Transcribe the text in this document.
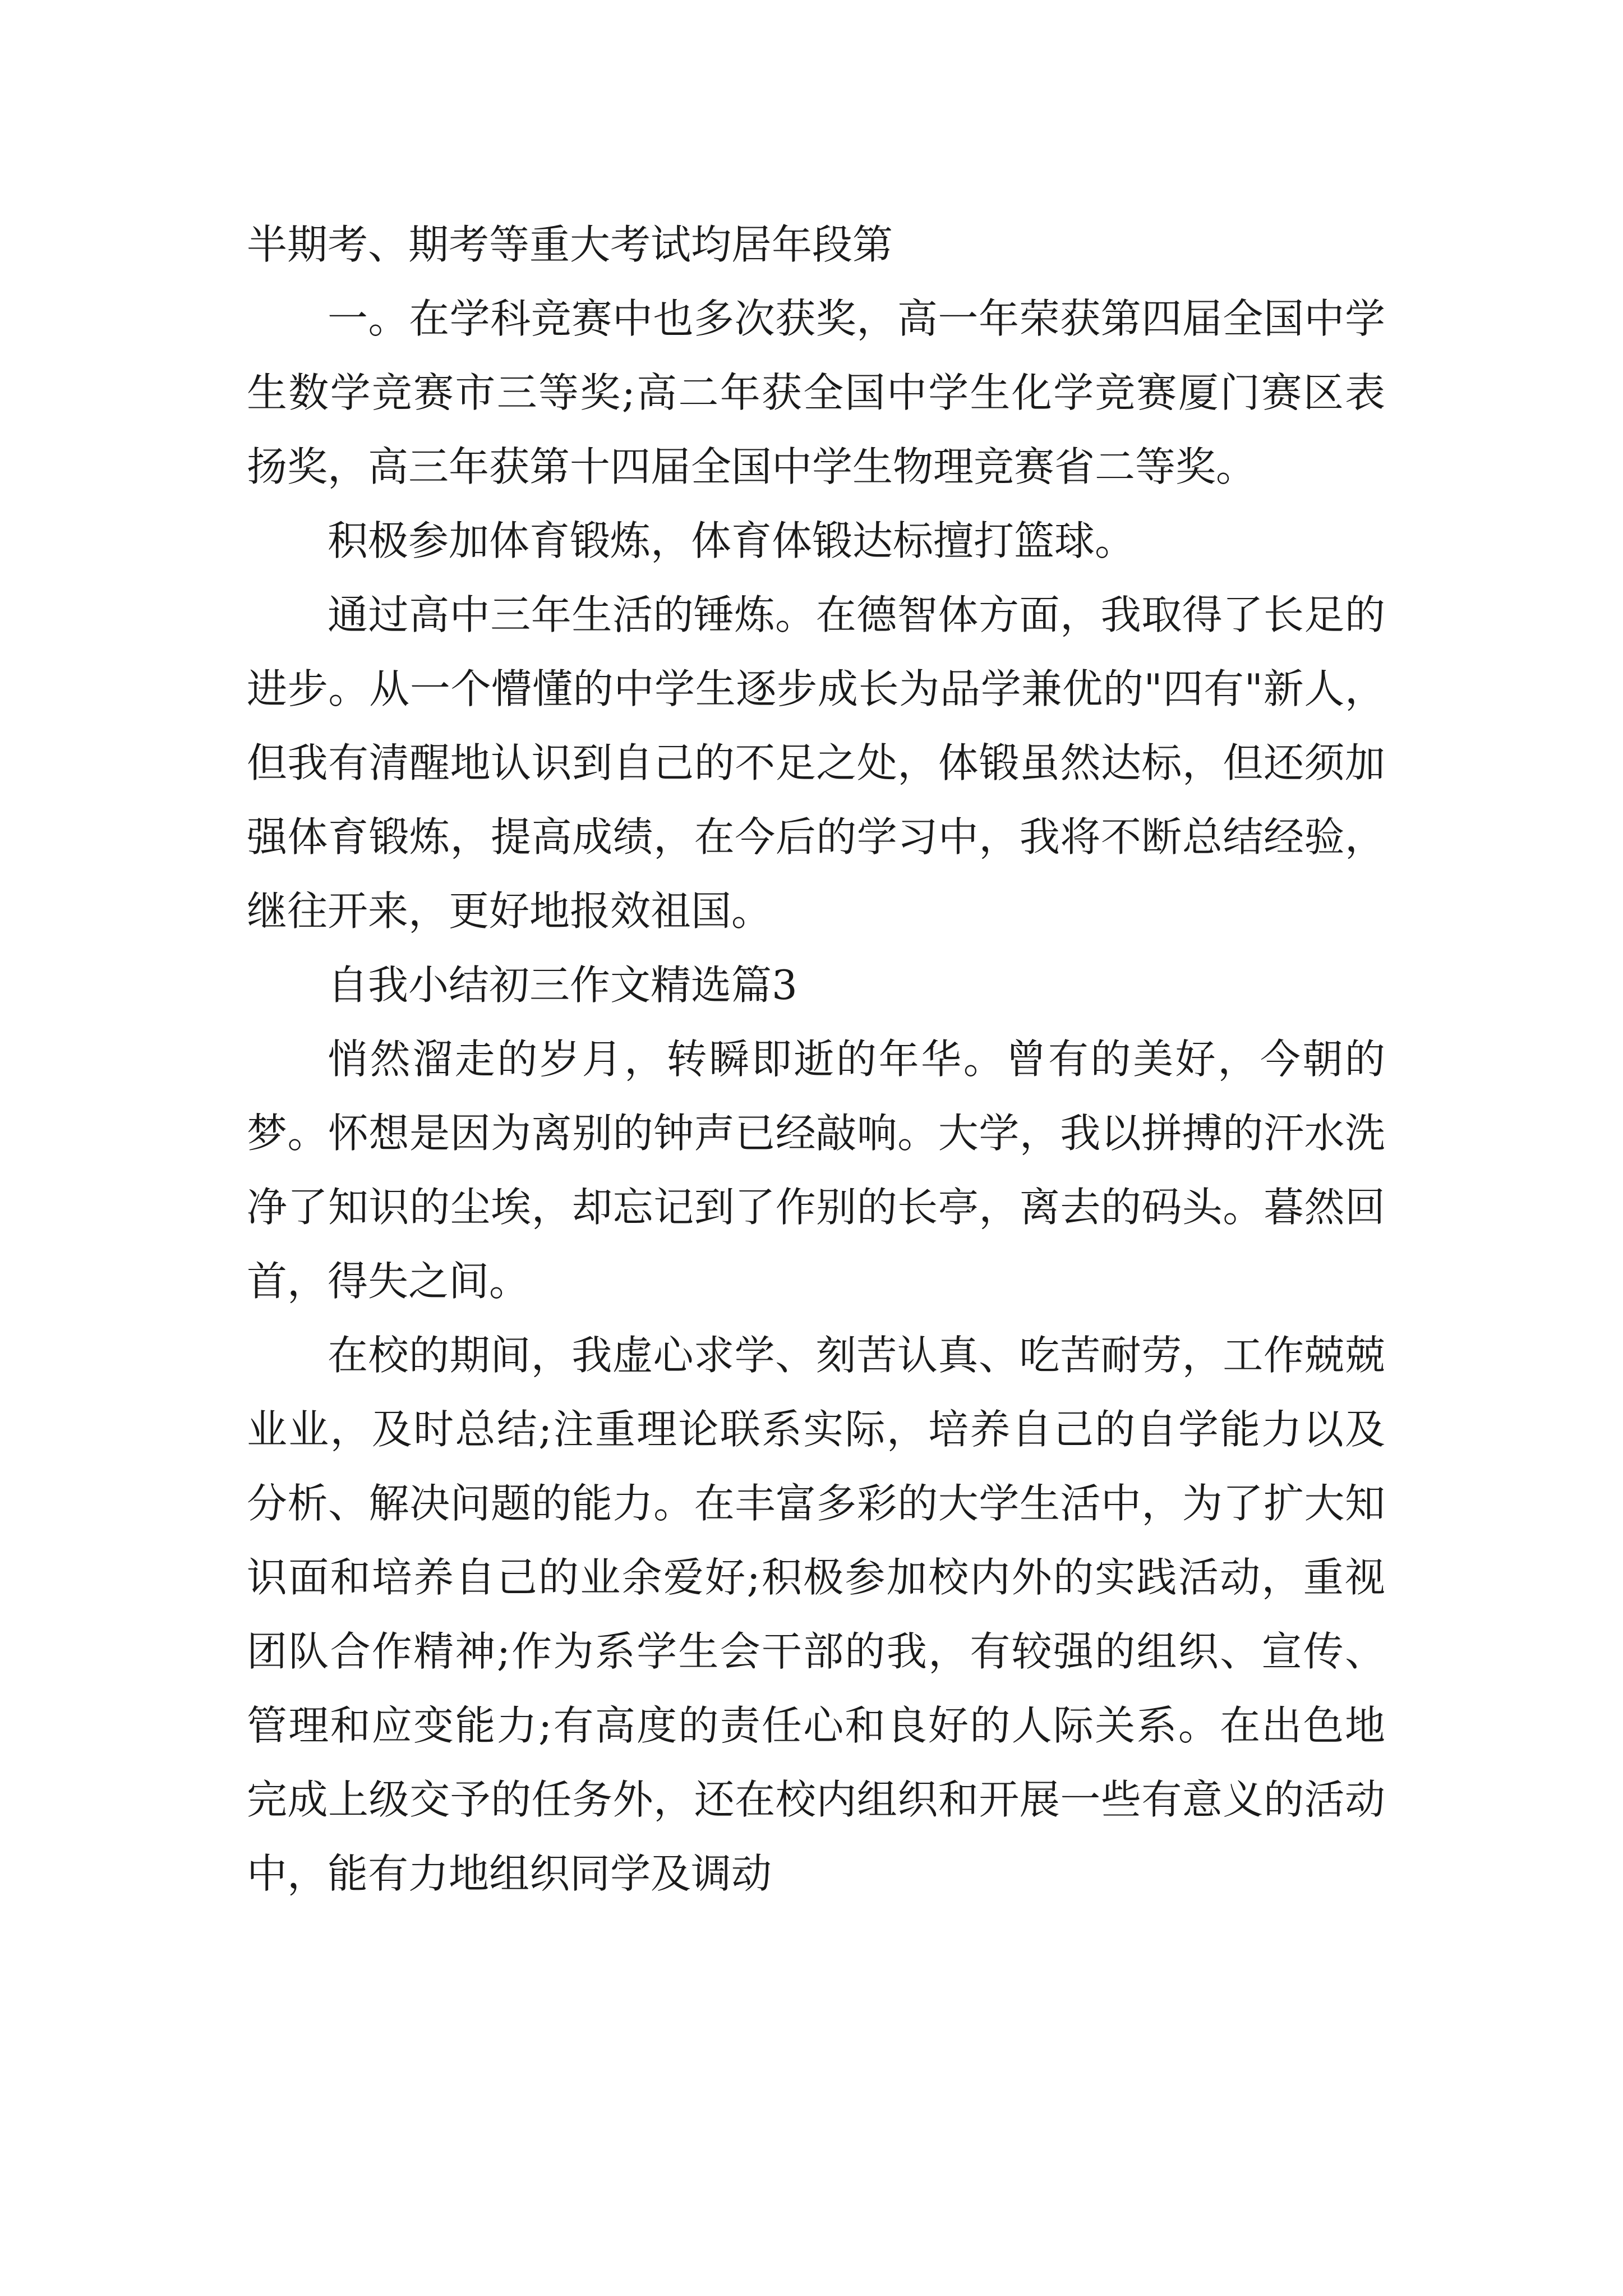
半期考、期考等重大考试均居年段第

一。在学科竞赛中也多次获奖，高一年荣获第四届全国中学生数学竞赛市三等奖;高二年获全国中学生化学竞赛厦门赛区表扬奖，高三年获第十四届全国中学生物理竞赛省二等奖。

积极参加体育锻炼，体育体锻达标擅打篮球。

通过高中三年生活的锤炼。在德智体方面，我取得了长足的进步。从一个懵懂的中学生逐步成长为品学兼优的"四有"新人，但我有清醒地认识到自己的不足之处，体锻虽然达标，但还须加强体育锻炼，提高成绩，在今后的学习中，我将不断总结经验，继往开来，更好地报效祖国。

自我小结初三作文精选篇3

悄然溜走的岁月，转瞬即逝的年华。曾有的美好，今朝的梦。怀想是因为离别的钟声已经敲响。大学，我以拼搏的汗水洗净了知识的尘埃，却忘记到了作别的长亭，离去的码头。暮然回首，得失之间。

在校的期间，我虚心求学、刻苦认真、吃苦耐劳，工作兢兢业业，及时总结;注重理论联系实际，培养自己的自学能力以及分析、解决问题的能力。在丰富多彩的大学生活中，为了扩大知识面和培养自己的业余爱好;积极参加校内外的实践活动，重视团队合作精神;作为系学生会干部的我，有较强的组织、宣传、管理和应变能力;有高度的责任心和良好的人际关系。在出色地完成上级交予的任务外，还在校内组织和开展一些有意义的活动中，能有力地组织同学及调动
